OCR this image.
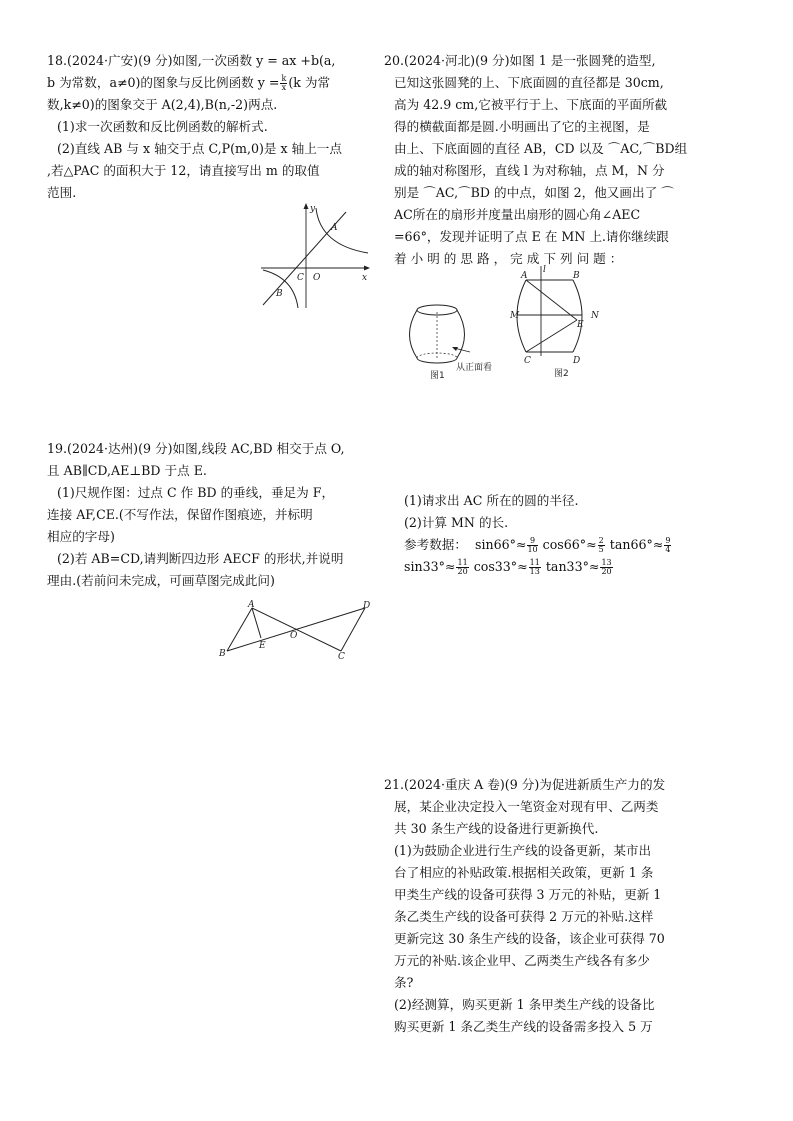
18.(2024·广安)(9 分)如图,一次函数 y = ax +b(a,

b 为常数，a≠0)的图象与反比例函数 $y = \frac{k}{x} (k$ 为常

数,k≠0)的图象交于 A(2,4),B(n,-2)两点.

(1)求一次函数和反比例函数的解析式.

(2)直线 AB 与 x 轴交于点 C,P(m,0)是 x 轴上一点

,若△PAC 的面积大于 12，请直接写出 m 的取值

范围.

y
A
C O	x
B

19.(2024·达州)(9 分)如图,线段 AC,BD 相交于点 O,

且 AB∥CD,AE⊥BD 于点 E.

(1)尺规作图：过点 C 作 BD 的垂线，垂足为 F，

连接 AF,CE.(不写作法，保留作图痕迹，并标明

相应的字母)

(2)若 AB=CD,请判断四边形 AECF 的形状,并说明

理由.(若前问未完成，可画草图完成此问)

A	D
O
B
E
C

20.(2024·河北)(9 分)如图 1 是一张圆凳的造型,

已知这张圆凳的上、下底面圆的直径都是 30cm,

高为 42.9 cm,它被平行于上、下底面的平面所截

得的横截面都是圆.小明画出了它的主视图，是

由上、下底面圆的直径 AB，CD 以及 ⌒AC,⌒BD组

成的轴对称图形，直线 l 为对称轴，点 M，N 分

别是 ⌒AC,⌒BD 的中点，如图 2，他又画出了 ⌒

AC所在的扇形并度量出扇形的圆心角∠AEC

=66°，发现并证明了点 E 在 MN 上.请你继续跟

着 小 明 的 思 路 ， 完 成 下 列 问 题 ：

图1
从正面看
A
l
B
M
E
N
C	D
图2

(1)请求出 AC 所在的圆的半径.

(2)计算 MN 的长.

参考数据： $\sin 66^\circ\approx \frac{9}{10} \cos 66^\circ\approx \frac{2}{5} \tan 66^\circ\approx \frac{9}{4}$

$\sin 33^\circ\approx \frac{11}{20} \cos 33^\circ\approx \frac{11}{13} \tan 33^\circ\approx \frac{13}{20}$

21.(2024·重庆 A 卷)(9 分)为促进新质生产力的发

展，某企业决定投入一笔资金对现有甲、乙两类

共 30 条生产线的设备进行更新换代.

(1)为鼓励企业进行生产线的设备更新，某市出

台了相应的补贴政策.根据相关政策，更新 1 条

甲类生产线的设备可获得 3 万元的补贴，更新 1

条乙类生产线的设备可获得 2 万元的补贴.这样

更新完这 30 条生产线的设备，该企业可获得 70

万元的补贴.该企业甲、乙两类生产线各有多少

条?

(2)经测算，购买更新 1 条甲类生产线的设备比

购买更新 1 条乙类生产线的设备需多投入 5 万
